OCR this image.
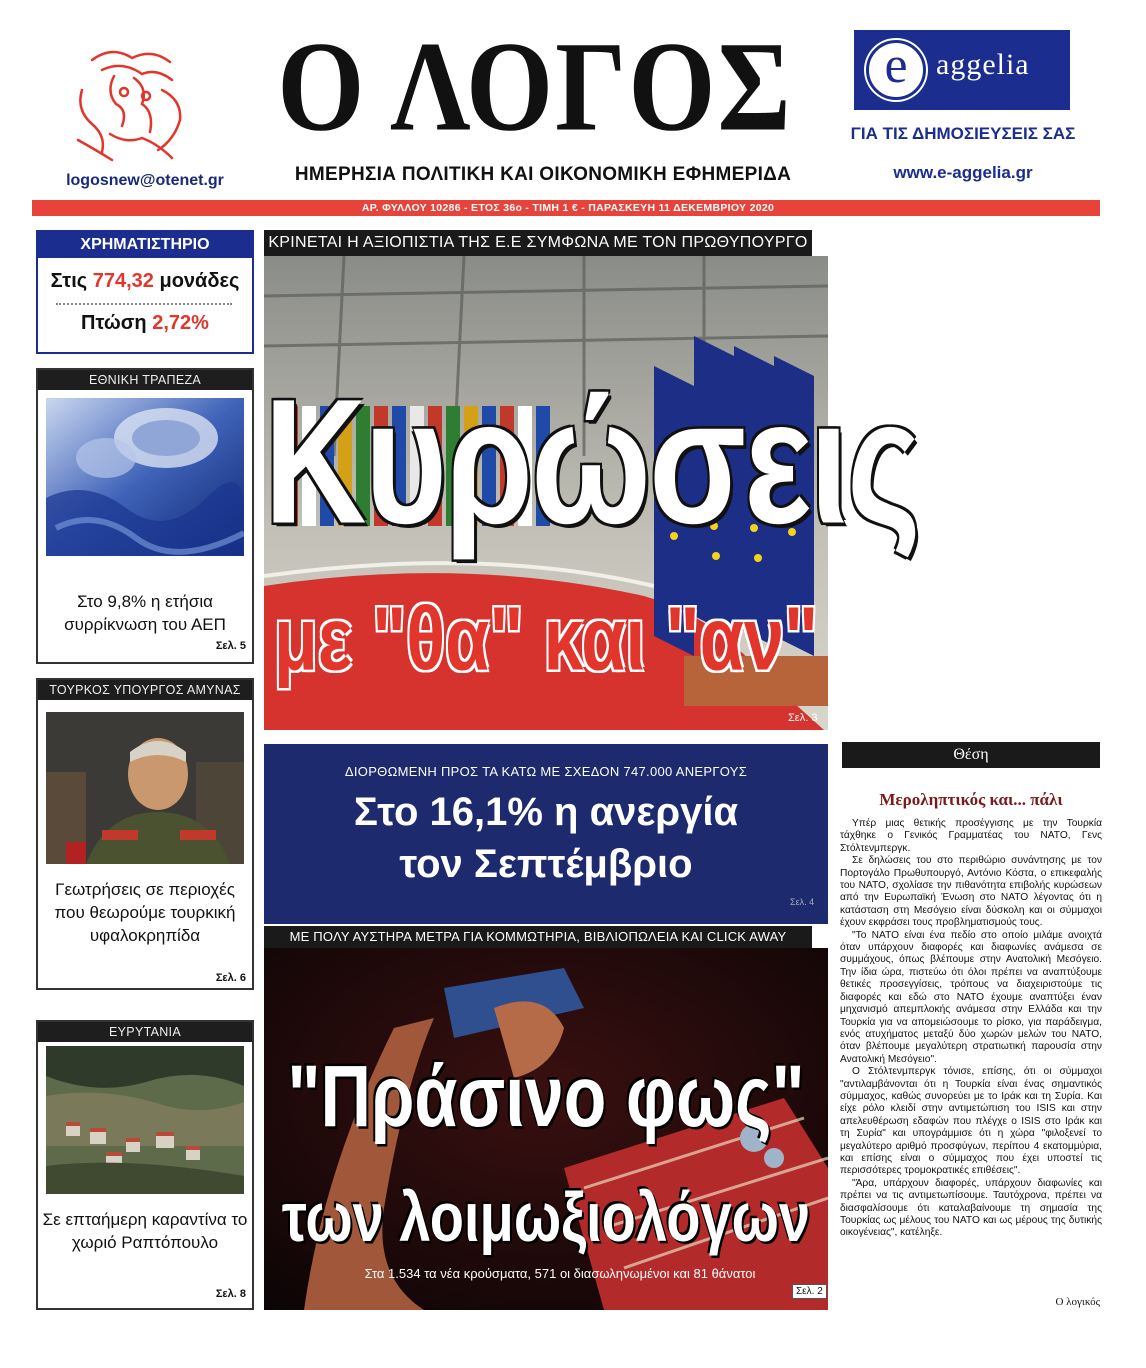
logosnew@otenet.gr
Ο ΛΟΓΟΣ
ΗΜΕΡΗΣΙΑ ΠΟΛΙΤΙΚΗ ΚΑΙ ΟΙΚΟΝΟΜΙΚΗ ΕΦΗΜΕΡΙΔΑ
e aggelia
ΓΙΑ ΤΙΣ ΔΗΜΟΣΙΕΥΣΕΙΣ ΣΑΣ
www.e-aggelia.gr
ΑΡ. ΦΥΛΛΟΥ 10286 - ΕΤΟΣ 36ο - ΤΙΜΗ 1 € - ΠΑΡΑΣΚΕΥΗ 11 ΔΕΚΕΜΒΡΙΟΥ 2020
ΧΡΗΜΑΤΙΣΤΗΡΙΟ
Στις 774,32 μονάδες
Πτώση 2,72%
ΕΘΝΙΚΗ ΤΡΑΠΕΖΑ
Στο 9,8% η ετήσια συρρίκνωση του ΑΕΠ
Σελ. 5
ΤΟΥΡΚΟΣ ΥΠΟΥΡΓΟΣ ΑΜΥΝΑΣ
Γεωτρήσεις σε περιοχές που θεωρούμε τουρκική υφαλοκρηπίδα
Σελ. 6
ΕΥΡΥΤΑΝΙΑ
Σε επταήμερη καραντίνα το χωριό Ραπτόπουλο
Σελ. 8
ΚΡΙΝΕΤΑΙ Η ΑΞΙΟΠΙΣΤΙΑ ΤΗΣ Ε.Ε ΣΥΜΦΩΝΑ ΜΕ ΤΟΝ ΠΡΩΘΥΠΟΥΡΓΟ
Κυρώσεις
με "θα" και "αν"
Σελ. 3
ΔΙΟΡΘΩΜΕΝΗ ΠΡΟΣ ΤΑ ΚΑΤΩ ΜΕ ΣΧΕΔΟΝ 747.000 ΑΝΕΡΓΟΥΣ
Στο 16,1% η ανεργία
τον Σεπτέμβριο
Σελ. 4
ΜΕ ΠΟΛΥ ΑΥΣΤΗΡΑ ΜΕΤΡΑ ΓΙΑ ΚΟΜΜΩΤΗΡΙΑ, ΒΙΒΛΙΟΠΩΛΕΙΑ ΚΑΙ CLICK AWAY
"Πράσινο φως"
των λοιμωξιολόγων
Στα 1.534 τα νέα κρούσματα, 571 οι διασωληνωμένοι και 81 θάνατοι
Σελ. 2
Θέση
Μεροληπτικός και... πάλι

Υπέρ μιας θετικής προσέγγισης με την Τουρκία τάχθηκε ο Γενικός Γραμματέας του ΝΑΤΟ, Γενς Στόλτενμπεργκ.

Σε δηλώσεις του στο περιθώριο συνάντησης με τον Πορτογάλο Πρωθυπουργό, Αντόνιο Κόστα, ο επικεφαλής του ΝΑΤΟ, σχολίασε την πιθανότητα επιβολής κυρώσεων από την Ευρωπαϊκή Ένωση στο ΝΑΤΟ λέγοντας ότι η κατάσταση στη Μεσόγειο είναι δύσκολη και οι σύμμαχοι έχουν εκφράσει τους προβληματισμούς τους.

"Το ΝΑΤΟ είναι ένα πεδίο στο οποίο μιλάμε ανοιχτά όταν υπάρχουν διαφορές και διαφωνίες ανάμεσα σε συμμάχους, όπως βλέπουμε στην Ανατολική Μεσόγειο. Την ίδια ώρα, πιστεύω ότι όλοι πρέπει να αναπτύξουμε θετικές προσεγγίσεις, τρόπους να διαχειριστούμε τις διαφορές και εδώ στο ΝΑΤΟ έχουμε αναπτύξει έναν μηχανισμό απεμπλοκής ανάμεσα στην Ελλάδα και την Τουρκία για να απομειώσουμε το ρίσκο, για παράδειγμα, ενός ατυχήματος μεταξύ δύο χωρών μελών του ΝΑΤΟ, όταν βλέπουμε μεγαλύτερη στρατιωτική παρουσία στην Ανατολική Μεσόγειο".

Ο Στόλτενμπεργκ τόνισε, επίσης, ότι οι σύμμαχοι "αντιλαμβάνονται ότι η Τουρκία είναι ένας σημαντικός σύμμαχος, καθώς συνορεύει με το Ιράκ και τη Συρία. Και είχε ρόλο κλειδί στην αντιμετώπιση του ISIS και στην απελευθέρωση εδαφών που πλέγχε ο ISIS στο Ιράκ και τη Συρία" και υπογράμμισε ότι η χώρα "φιλοξενεί το μεγαλύτερο αριθμό προσφύγων, περίπου 4 εκατομμύρια, και επίσης είναι ο σύμμαχος που έχει υποστεί τις περισσότερες τρομοκρατικές επιθέσεις".

"Άρα, υπάρχουν διαφορές, υπάρχουν διαφωνίες και πρέπει να τις αντιμετωπίσουμε. Ταυτόχρονα, πρέπει να διασφαλίσουμε ότι καταλαβαίνουμε τη σημασία της Τουρκίας ως μέλους του ΝΑΤΟ και ως μέρους της δυτικής οικογένειας", κατέληξε.

Ο λογικός
